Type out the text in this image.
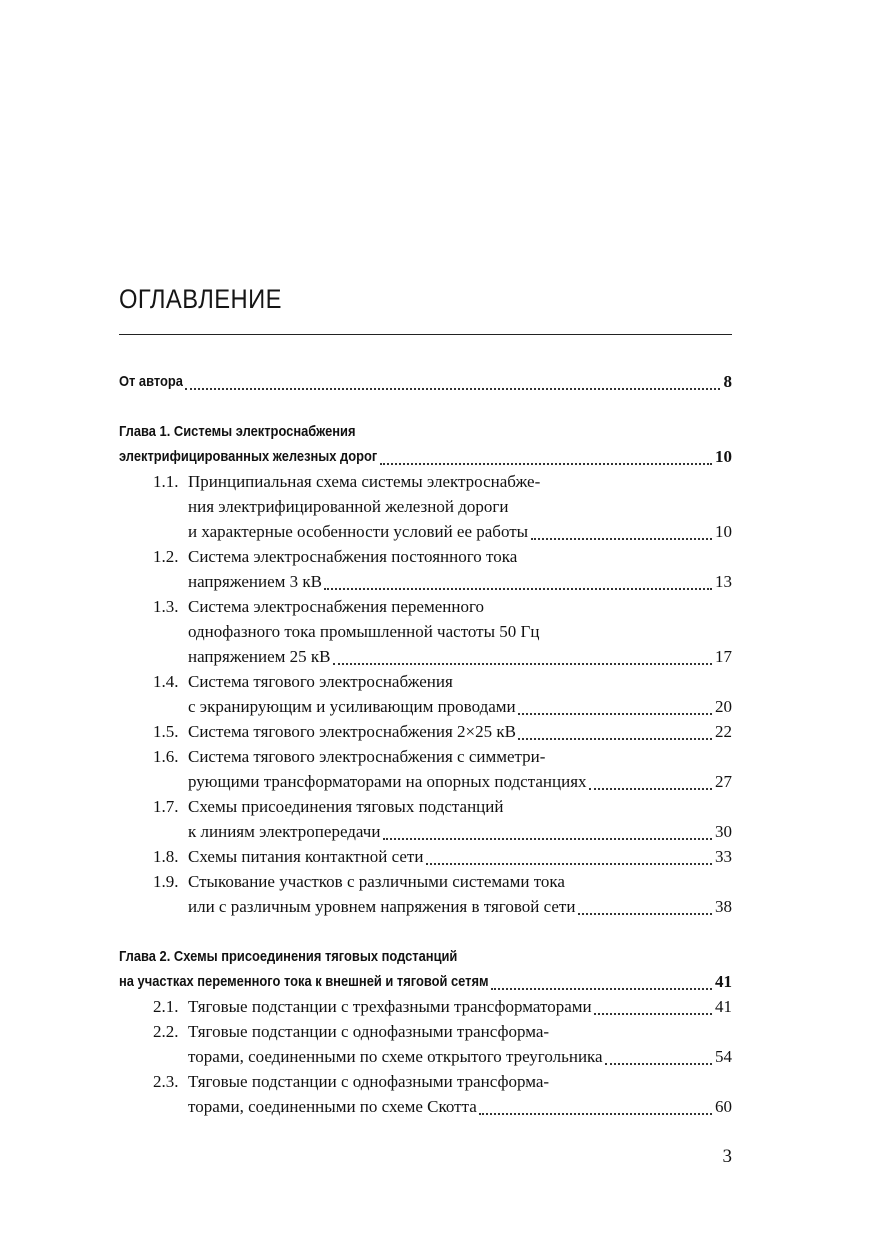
ОГЛАВЛЕНИЕ
От автора	8
Глава 1. Системы электроснабжения
электрифицированных железных дорог	10
1.1. Принципиальная схема системы электроснабже-
ния электрифицированной железной дороги
и характерные особенности условий ее работы	10
1.2. Система электроснабжения постоянного тока
напряжением 3 кВ	13
1.3. Система электроснабжения переменного
однофазного тока промышленной частоты 50 Гц
напряжением 25 кВ	17
1.4. Система тягового электроснабжения
с экранирующим и усиливающим проводами	20
1.5. Система тягового электроснабжения 2×25 кВ	22
1.6. Система тягового электроснабжения с симметри-
рующими трансформаторами на опорных подстанциях	27
1.7. Схемы присоединения тяговых подстанций
к линиям электропередачи	30
1.8. Схемы питания контактной сети	33
1.9. Стыкование участков с различными системами тока
или с различным уровнем напряжения в тяговой сети	38
Глава 2. Схемы присоединения тяговых подстанций
на участках переменного тока к внешней и тяговой сетям	41
2.1. Тяговые подстанции с трехфазными трансформаторами	41
2.2. Тяговые подстанции с однофазными трансформа-
торами, соединенными по схеме открытого треугольника	54
2.3. Тяговые подстанции с однофазными трансформа-
торами, соединенными по схеме Скотта	60
3
